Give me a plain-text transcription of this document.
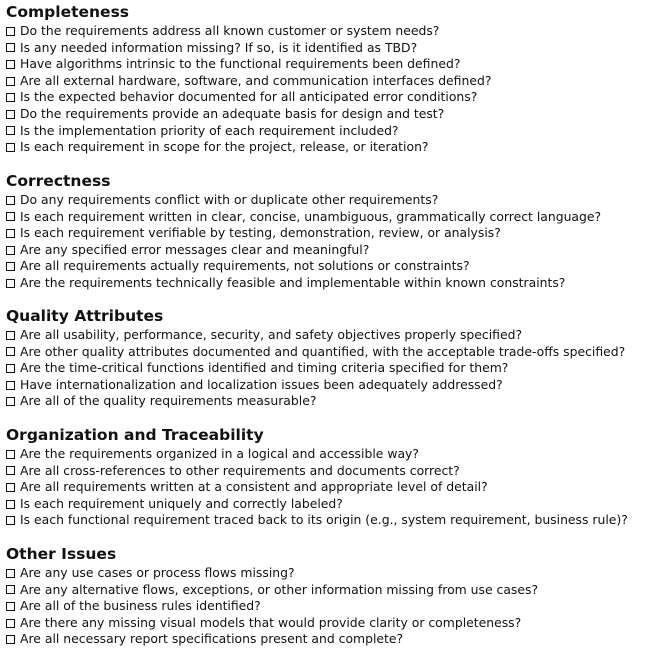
Completeness
Do the requirements address all known customer or system needs?
Is any needed information missing? If so, is it identified as TBD?
Have algorithms intrinsic to the functional requirements been defined?
Are all external hardware, software, and communication interfaces defined?
Is the expected behavior documented for all anticipated error conditions?
Do the requirements provide an adequate basis for design and test?
Is the implementation priority of each requirement included?
Is each requirement in scope for the project, release, or iteration?
Correctness
Do any requirements conflict with or duplicate other requirements?
Is each requirement written in clear, concise, unambiguous, grammatically correct language?
Is each requirement verifiable by testing, demonstration, review, or analysis?
Are any specified error messages clear and meaningful?
Are all requirements actually requirements, not solutions or constraints?
Are the requirements technically feasible and implementable within known constraints?
Quality Attributes
Are all usability, performance, security, and safety objectives properly specified?
Are other quality attributes documented and quantified, with the acceptable trade-offs specified?
Are the time-critical functions identified and timing criteria specified for them?
Have internationalization and localization issues been adequately addressed?
Are all of the quality requirements measurable?
Organization and Traceability
Are the requirements organized in a logical and accessible way?
Are all cross-references to other requirements and documents correct?
Are all requirements written at a consistent and appropriate level of detail?
Is each requirement uniquely and correctly labeled?
Is each functional requirement traced back to its origin (e.g., system requirement, business rule)?
Other Issues
Are any use cases or process flows missing?
Are any alternative flows, exceptions, or other information missing from use cases?
Are all of the business rules identified?
Are there any missing visual models that would provide clarity or completeness?
Are all necessary report specifications present and complete?
